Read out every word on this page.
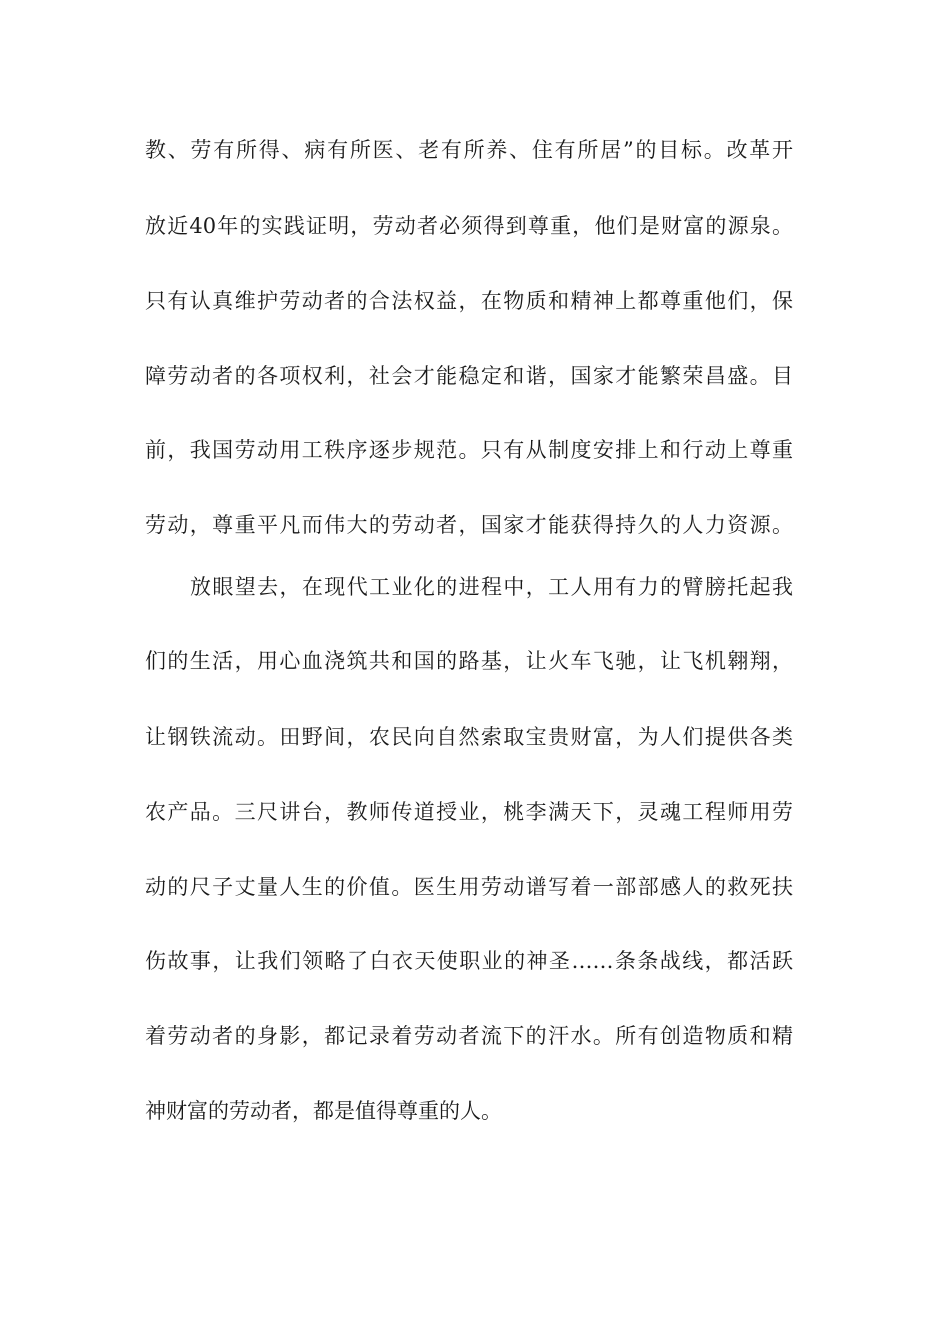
教、劳有所得、病有所医、老有所养、住有所居”的目标。改革开
放近40年的实践证明，劳动者必须得到尊重，他们是财富的源泉。
只有认真维护劳动者的合法权益，在物质和精神上都尊重他们，保
障劳动者的各项权利，社会才能稳定和谐，国家才能繁荣昌盛。目
前，我国劳动用工秩序逐步规范。只有从制度安排上和行动上尊重
劳动，尊重平凡而伟大的劳动者，国家才能获得持久的人力资源。
放眼望去，在现代工业化的进程中，工人用有力的臂膀托起我
们的生活，用心血浇筑共和国的路基，让火车飞驰，让飞机翱翔，
让钢铁流动。田野间，农民向自然索取宝贵财富，为人们提供各类
农产品。三尺讲台，教师传道授业，桃李满天下，灵魂工程师用劳
动的尺子丈量人生的价值。医生用劳动谱写着一部部感人的救死扶
伤故事，让我们领略了白衣天使职业的神圣……条条战线，都活跃
着劳动者的身影，都记录着劳动者流下的汗水。所有创造物质和精
神财富的劳动者，都是值得尊重的人。
